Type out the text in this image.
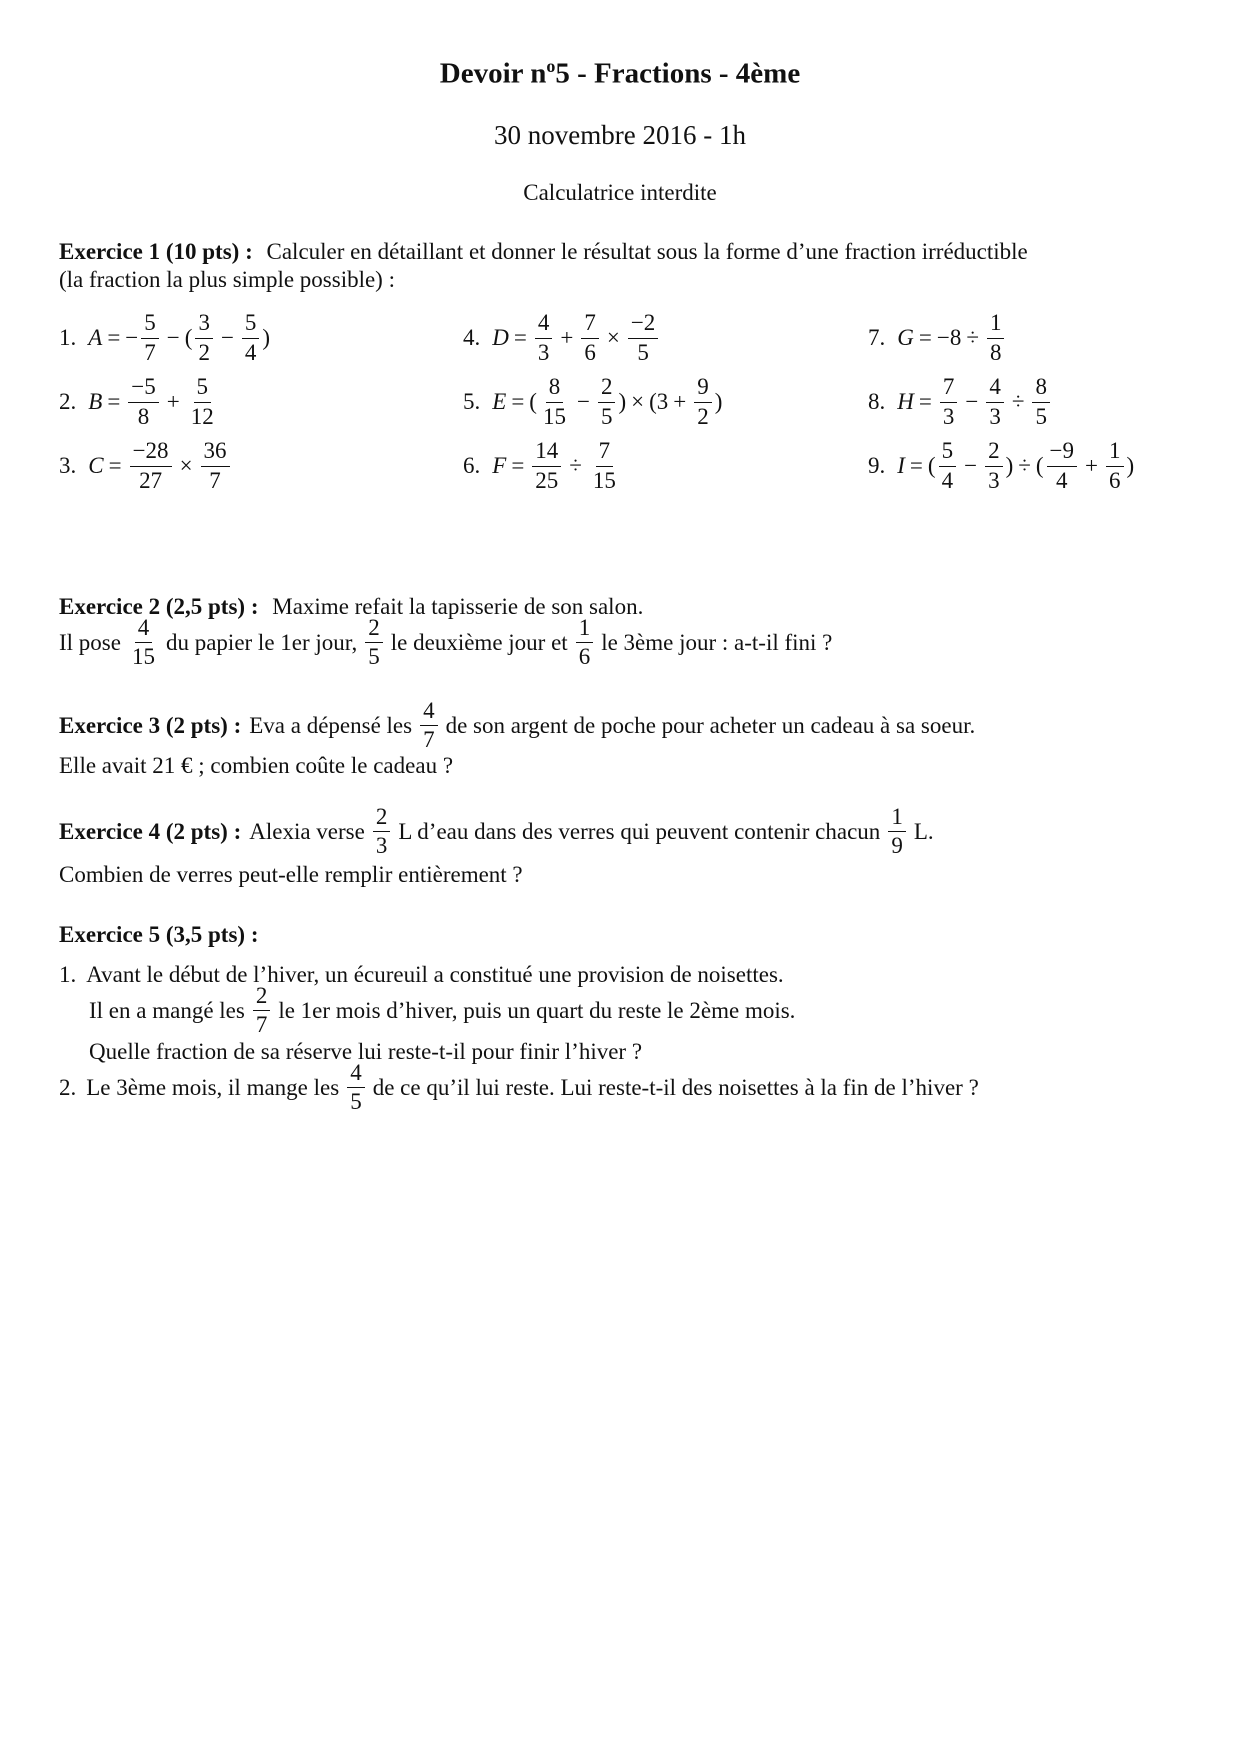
Devoir $n^o5$ - Fractions - 4ème
30 novembre 2016 - 1h
Calculatrice interdite
Exercice 1 (10 pts) : Calculer en détaillant et donner le résultat sous la forme d’une fraction irréductible
(la fraction la plus simple possible) :
1. A = − $\frac{5}{7}$ − ( $\frac{3}{2} - \frac{5}{4}$ )
2. $B = \frac{-5}{8} + \frac{5}{12}$
3. $C = \frac{-28}{27} \times \frac{36}{7}$
4. $D = \frac{4}{3} + \frac{7}{6} \times \frac{-2}{5}$
5. E = ( $\frac{8}{15} - \frac{2}{5}$ ) × ($3 + \frac{9}{2}$ )
6. $F = \frac{14}{25} \div \frac{7}{15}$
7. $G = -8 \div \frac{1}{8}$
8. $H = \frac{7}{3} - \frac{4}{3} \div \frac{8}{5}$
9. I = ( $\frac{5}{4} - \frac{2}{3}$ ) ÷ ( $\frac{-9}{4} + \frac{1}{6}$ )
Exercice 2 (2,5 pts) : Maxime refait la tapisserie de son salon.
Il pose $\frac{4}{15}$ du papier le 1er jour, $\frac{2}{5}$ le deuxième jour et $\frac{1}{6}$ le 3ème jour : a-t-il fini ?
Exercice 3 (2 pts) : Eva a dépensé les $\frac{4}{7}$ de son argent de poche pour acheter un cadeau à sa soeur.
Elle avait 21 € ; combien coûte le cadeau ?
Exercice 4 (2 pts) : Alexia verse $\frac{2}{3}$ L d’eau dans des verres qui peuvent contenir chacun $\frac{1}{9} L$.
Combien de verres peut-elle remplir entièrement ?
Exercice 5 (3,5 pts) :
1. Avant le début de l’hiver, un écureuil a constitué une provision de noisettes.
Il en a mangé les $\frac{2}{7}$ le 1er mois d’hiver, puis un quart du reste le 2ème mois.
Quelle fraction de sa réserve lui reste-t-il pour finir l’hiver ?
2. Le 3ème mois, il mange les $\frac{4}{5}$ de ce qu’il lui reste. Lui reste-t-il des noisettes à la fin de l’hiver ?
